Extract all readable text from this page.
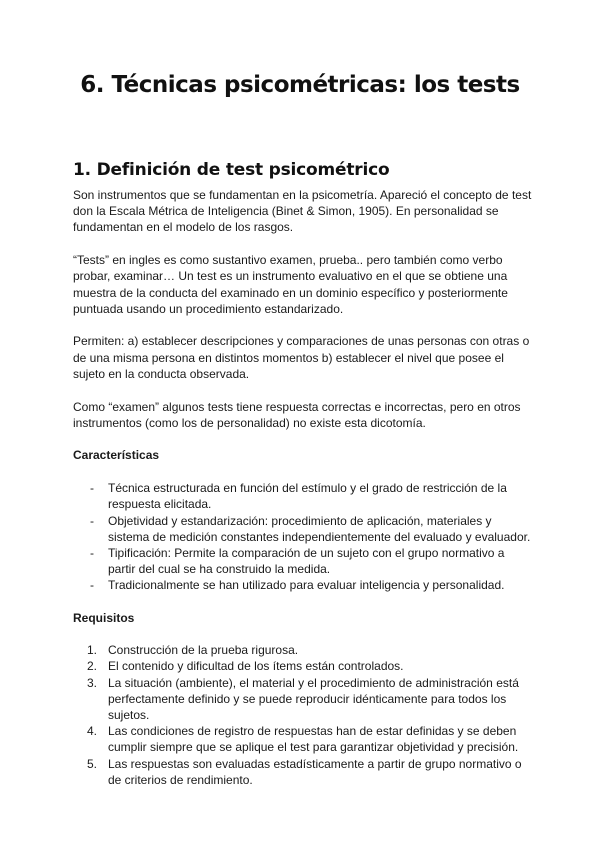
6. Técnicas psicométricas: los tests
1. Definición de test psicométrico

Son instrumentos que se fundamentan en la psicometría. Apareció el concepto de test don la Escala Métrica de Inteligencia (Binet & Simon, 1905). En personalidad se fundamentan en el modelo de los rasgos.

“Tests” en ingles es como sustantivo examen, prueba.. pero también como verbo probar, examinar… Un test es un instrumento evaluativo en el que se obtiene una muestra de la conducta del examinado en un dominio específico y posteriormente puntuada usando un procedimiento estandarizado.

Permiten: a) establecer descripciones y comparaciones de unas personas con otras o de una misma persona en distintos momentos b) establecer el nivel que posee el sujeto en la conducta observada.

Como “examen” algunos tests tiene respuesta correctas e incorrectas, pero en otros instrumentos (como los de personalidad) no existe esta dicotomía.

Características

- Técnica estructurada en función del estímulo y el grado de restricción de la respuesta elicitada.
- Objetividad y estandarización: procedimiento de aplicación, materiales y sistema de medición constantes independientemente del evaluado y evaluador.
- Tipificación: Permite la comparación de un sujeto con el grupo normativo a partir del cual se ha construido la medida.
- Tradicionalmente se han utilizado para evaluar inteligencia y personalidad.

Requisitos

1. Construcción de la prueba rigurosa.
2. El contenido y dificultad de los ítems están controlados.
3. La situación (ambiente), el material y el procedimiento de administración está perfectamente definido y se puede reproducir idénticamente para todos los sujetos.
4. Las condiciones de registro de respuestas han de estar definidas y se deben cumplir siempre que se aplique el test para garantizar objetividad y precisión.
5. Las respuestas son evaluadas estadísticamente a partir de grupo normativo o de criterios de rendimiento.
